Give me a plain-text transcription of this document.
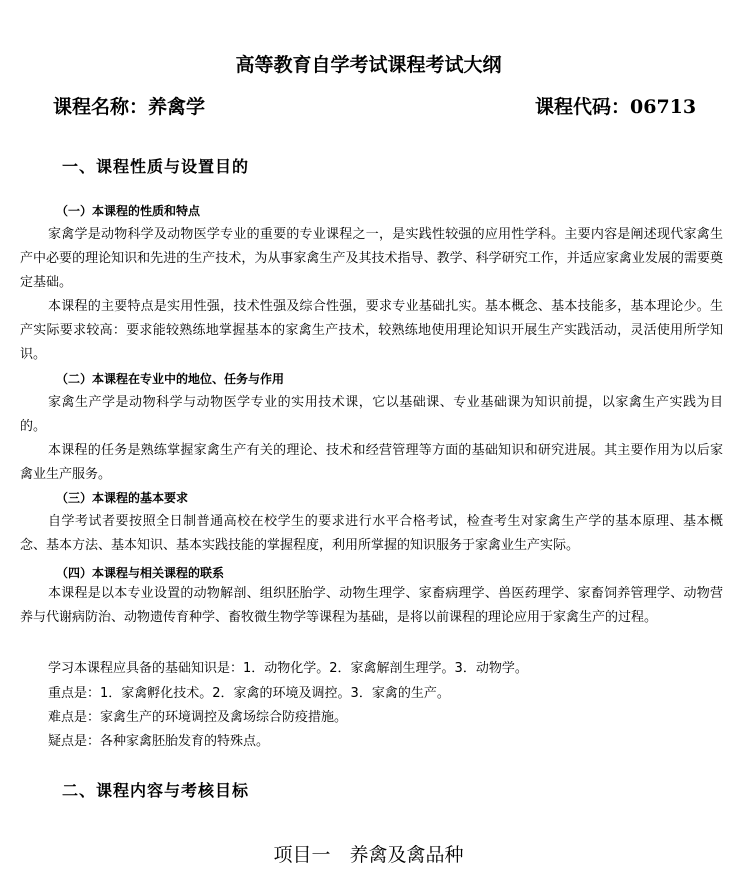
高等教育自学考试课程考试大纲
课程名称：养禽学	课程代码：06713
一、课程性质与设置目的
（一）本课程的性质和特点
家禽学是动物科学及动物医学专业的重要的专业课程之一，是实践性较强的应用性学科。主要内容是阐述现代家禽生产中必要的理论知识和先进的生产技术，为从事家禽生产及其技术指导、教学、科学研究工作，并适应家禽业发展的需要奠定基础。
本课程的主要特点是实用性强，技术性强及综合性强，要求专业基础扎实。基本概念、基本技能多，基本理论少。生产实际要求较高：要求能较熟练地掌握基本的家禽生产技术，较熟练地使用理论知识开展生产实践活动，灵活使用所学知识。
（二）本课程在专业中的地位、任务与作用
家禽生产学是动物科学与动物医学专业的实用技术课，它以基础课、专业基础课为知识前提，以家禽生产实践为目的。
本课程的任务是熟练掌握家禽生产有关的理论、技术和经营管理等方面的基础知识和研究进展。其主要作用为以后家禽业生产服务。
（三）本课程的基本要求
自学考试者要按照全日制普通高校在校学生的要求进行水平合格考试，检查考生对家禽生产学的基本原理、基本概念、基本方法、基本知识、基本实践技能的掌握程度，利用所掌握的知识服务于家禽业生产实际。
（四）本课程与相关课程的联系
本课程是以本专业设置的动物解剖、组织胚胎学、动物生理学、家畜病理学、兽医药理学、家畜饲养管理学、动物营养与代谢病防治、动物遗传育种学、畜牧微生物学等课程为基础，是将以前课程的理论应用于家禽生产的过程。
学习本课程应具备的基础知识是：1．动物化学。2．家禽解剖生理学。3．动物学。
重点是：1．家禽孵化技术。2．家禽的环境及调控。3．家禽的生产。
难点是：家禽生产的环境调控及禽场综合防疫措施。
疑点是：各种家禽胚胎发育的特殊点。
二、课程内容与考核目标
项目一　养禽及禽品种
